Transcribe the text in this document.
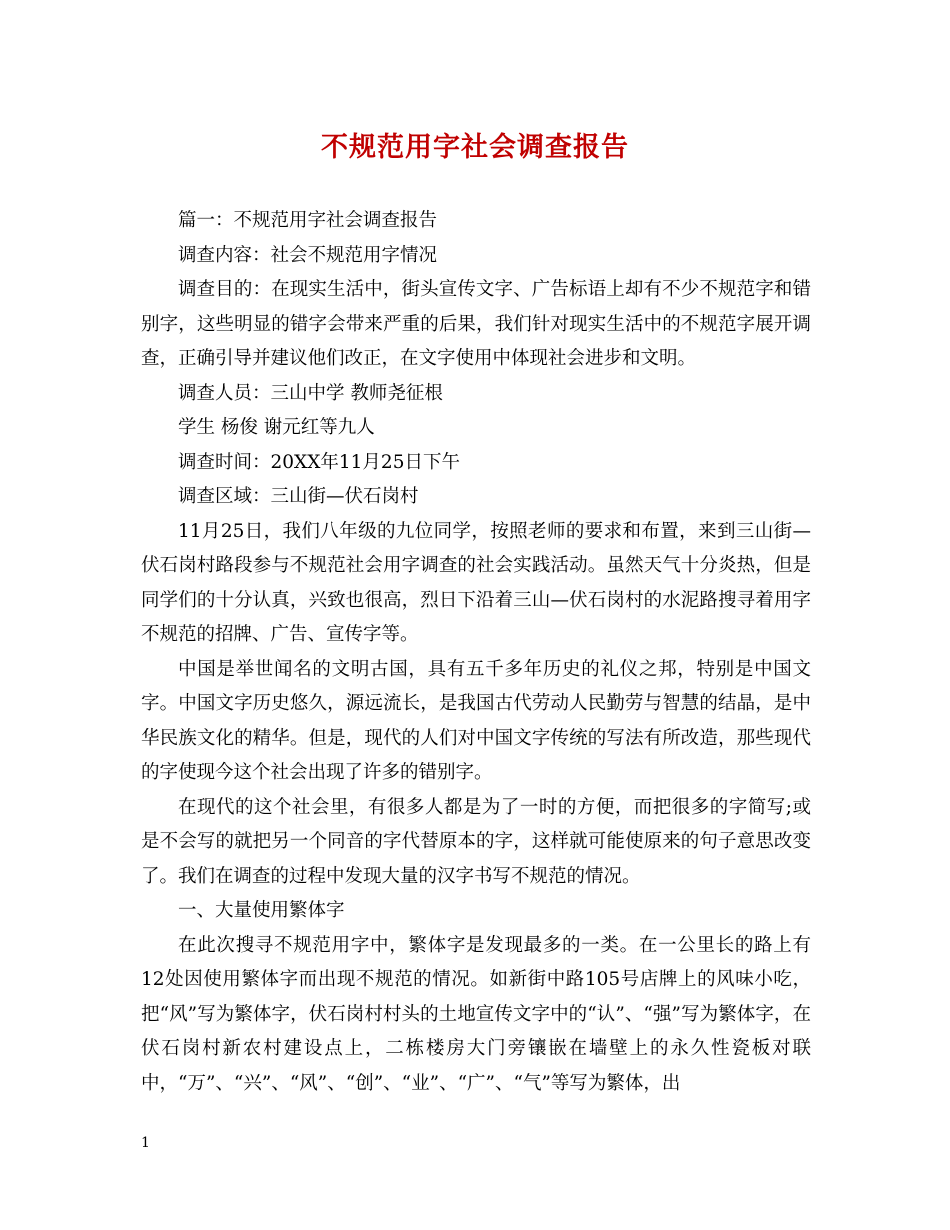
不规范用字社会调查报告

篇一：不规范用字社会调查报告

调查内容：社会不规范用字情况

调查目的：在现实生活中，街头宣传文字、广告标语上却有不少不规范字和错别字，这些明显的错字会带来严重的后果，我们针对现实生活中的不规范字展开调查，正确引导并建议他们改正，在文字使用中体现社会进步和文明。

调查人员：三山中学 教师尧征根

学生 杨俊 谢元红等九人

调查时间：20XX年11月25日下午

调查区域：三山街—伏石岗村

11月25日，我们八年级的九位同学，按照老师的要求和布置，来到三山街—伏石岗村路段参与不规范社会用字调查的社会实践活动。虽然天气十分炎热，但是同学们的十分认真，兴致也很高，烈日下沿着三山—伏石岗村的水泥路搜寻着用字不规范的招牌、广告、宣传字等。

中国是举世闻名的文明古国，具有五千多年历史的礼仪之邦，特别是中国文字。中国文字历史悠久，源远流长，是我国古代劳动人民勤劳与智慧的结晶，是中华民族文化的精华。但是，现代的人们对中国文字传统的写法有所改造，那些现代的字使现今这个社会出现了许多的错别字。

在现代的这个社会里，有很多人都是为了一时的方便，而把很多的字简写;或是不会写的就把另一个同音的字代替原本的字，这样就可能使原来的句子意思改变了。我们在调查的过程中发现大量的汉字书写不规范的情况。

一、大量使用繁体字

在此次搜寻不规范用字中，繁体字是发现最多的一类。在一公里长的路上有12处因使用繁体字而出现不规范的情况。如新街中路105号店牌上的风味小吃，把“风”写为繁体字，伏石岗村村头的土地宣传文字中的“认”、“强”写为繁体字，在伏石岗村新农村建设点上，二栋楼房大门旁镶嵌在墙壁上的永久性瓷板对联中，“万”、“兴”、“风”、“创”、“业”、“广”、“气”等写为繁体，出

1
